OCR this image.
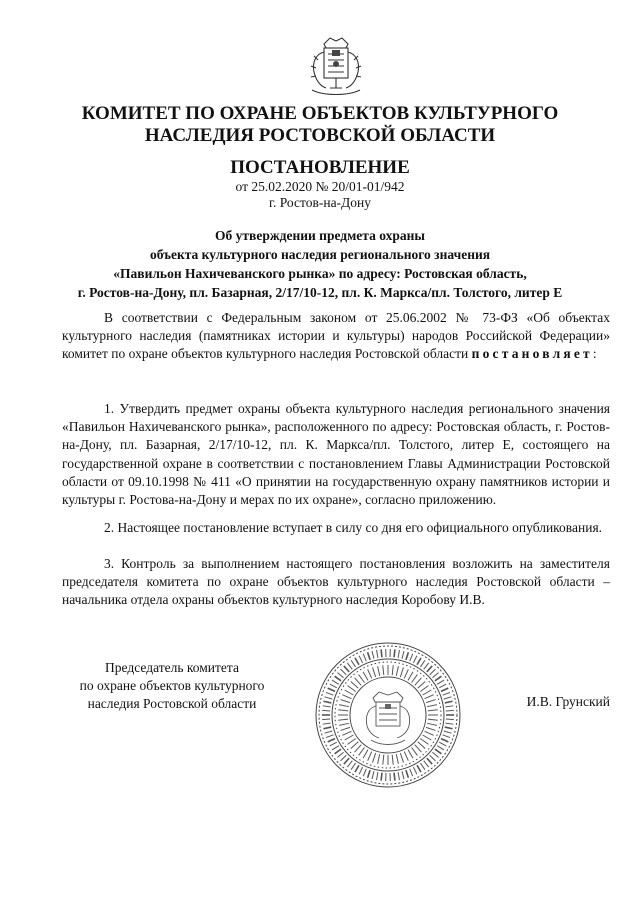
КОМИТЕТ ПО ОХРАНЕ ОБЪЕКТОВ КУЛЬТУРНОГО
НАСЛЕДИЯ РОСТОВСКОЙ ОБЛАСТИ
ПОСТАНОВЛЕНИЕ
от 25.02.2020 № 20/01-01/942
г. Ростов-на-Дону
Об утверждении предмета охраны
объекта культурного наследия регионального значения
«Павильон Нахичеванского рынка» по адресу: Ростовская область,
г. Ростов-на-Дону, пл. Базарная, 2/17/10-12, пл. К. Маркса/пл. Толстого, литер Е
В соответствии с Федеральным законом от 25.06.2002 № 73-ФЗ «Об объектах культурного наследия (памятниках истории и культуры) народов Российской Федерации» комитет по охране объектов культурного наследия Ростовской области постановляет:
1. Утвердить предмет охраны объекта культурного наследия регионального значения «Павильон Нахичеванского рынка», расположенного по адресу: Ростовская область, г. Ростов-на-Дону, пл. Базарная, 2/17/10-12, пл. К. Маркса/пл. Толстого, литер Е, состоящего на государственной охране в соответствии с постановлением Главы Администрации Ростовской области от 09.10.1998 № 411 «О принятии на государственную охрану памятников истории и культуры г. Ростова-на-Дону и мерах по их охране», согласно приложению.
2. Настоящее постановление вступает в силу со дня его официального опубликования.
3. Контроль за выполнением настоящего постановления возложить на заместителя председателя комитета по охране объектов культурного наследия Ростовской области – начальника отдела охраны объектов культурного наследия Коробову И.В.
Председатель комитета
по охране объектов культурного
наследия Ростовской области	И.В. Грунский
